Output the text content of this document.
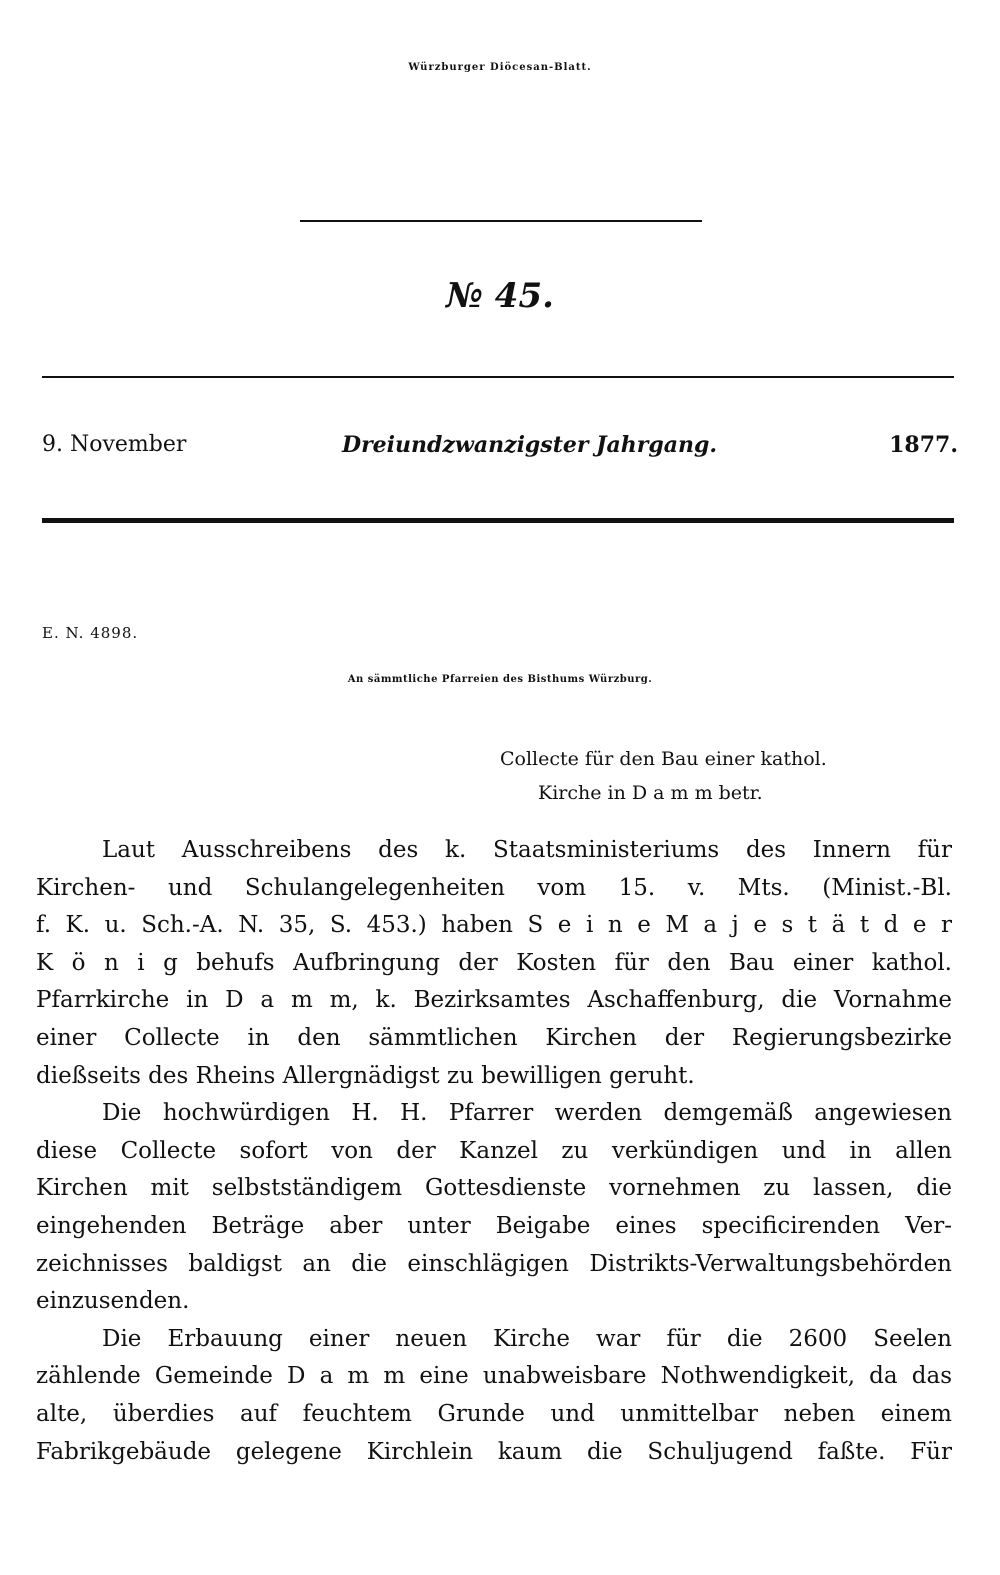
Würzburger Diöcesan-Blatt.
№ 45.
9. November	Dreiundzwanzigster Jahrgang.	1877.
E. N. 4898.
An sämmtliche Pfarreien des Bisthums Würzburg.
Collecte für den Bau einer kathol.
Kirche in D a m m betr.
Laut Ausschreibens des k. Staatsministeriums des Innern für
Kirchen- und Schulangelegenheiten vom 15. v. Mts. (Minist.-Bl.
f. K. u. Sch.-A. N. 35, S. 453.) haben S e i n e M a j e s t ä t d e r
K ö n i g behufs Aufbringung der Kosten für den Bau einer kathol.
Pfarrkirche in D a m m, k. Bezirksamtes Aschaffenburg, die Vornahme
einer Collecte in den sämmtlichen Kirchen der Regierungsbezirke
dießseits des Rheins Allergnädigst zu bewilligen geruht.
Die hochwürdigen H. H. Pfarrer werden demgemäß angewiesen
diese Collecte sofort von der Kanzel zu verkündigen und in allen
Kirchen mit selbstständigem Gottesdienste vornehmen zu lassen, die
eingehenden Beträge aber unter Beigabe eines specificirenden Ver-
zeichnisses baldigst an die einschlägigen Distrikts-Verwaltungsbehörden
einzusenden.
Die Erbauung einer neuen Kirche war für die 2600 Seelen
zählende Gemeinde D a m m eine unabweisbare Nothwendigkeit, da das
alte, überdies auf feuchtem Grunde und unmittelbar neben einem
Fabrikgebäude gelegene Kirchlein kaum die Schuljugend faßte. Für
